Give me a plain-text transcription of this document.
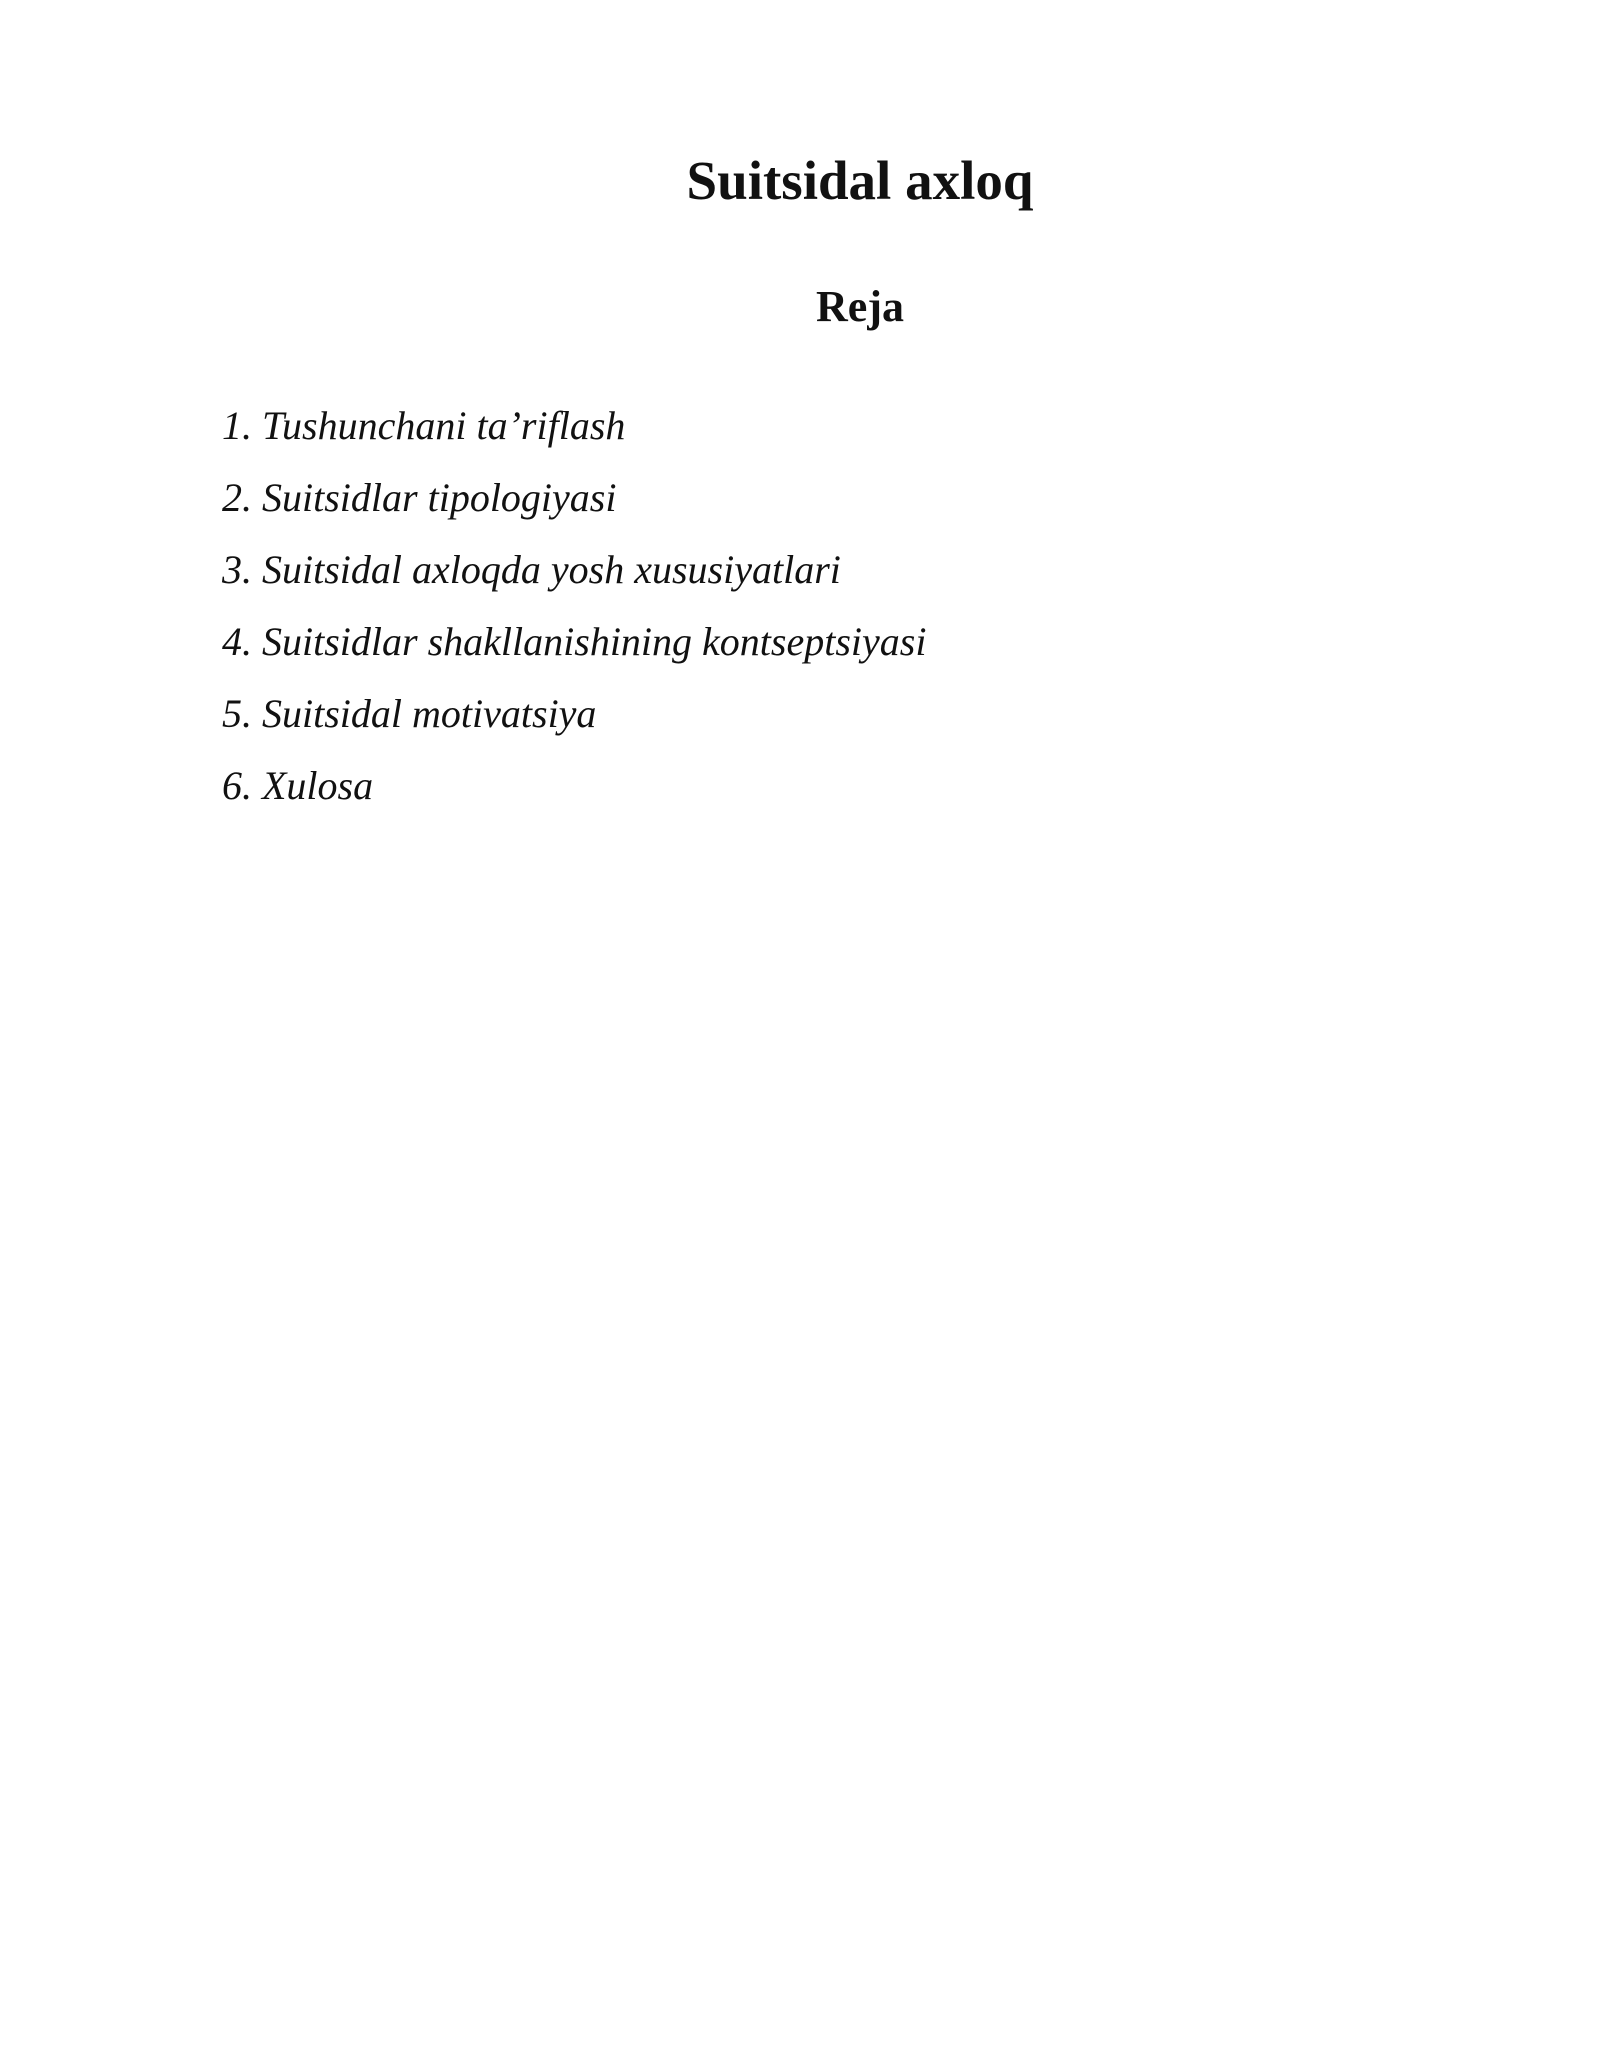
Suitsidal axloq
Reja
1. Tushunchani ta’riflash
2. Suitsidlar tipologiyasi
3. Suitsidal axloqda yosh xususiyatlari
4. Suitsidlar shakllanishining kontseptsiyasi
5. Suitsidal motivatsiya
6. Xulosa
